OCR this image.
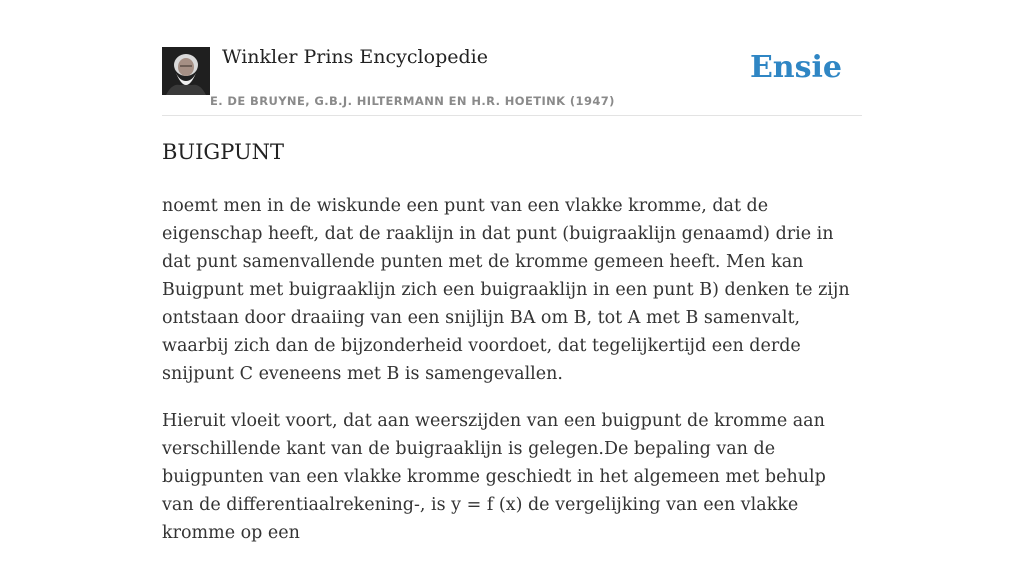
Winkler Prins Encyclopedie
E. DE BRUYNE, G.B.J. HILTERMANN EN H.R. HOETINK (1947)
Ensie
BUIGPUNT

noemt men in de wiskunde een punt van een vlakke kromme, dat de eigenschap heeft, dat de raaklijn in dat punt (buigraaklijn genaamd) drie in dat punt samenvallende punten met de kromme gemeen heeft. Men kan Buigpunt met buigraaklijn zich een buigraaklijn in een punt B) denken te zijn ontstaan door draaiing van een snijlijn BA om B, tot A met B samenvalt, waarbij zich dan de bijzonderheid voordoet, dat tegelijkertijd een derde snijpunt C eveneens met B is samengevallen.

Hieruit vloeit voort, dat aan weerszijden van een buigpunt de kromme aan verschillende kant van de buigraaklijn is gelegen.De bepaling van de buigpunten van een vlakke kromme geschiedt in het algemeen met behulp van de differentiaalrekening-, is y = f (x) de vergelijking van een vlakke kromme op een
